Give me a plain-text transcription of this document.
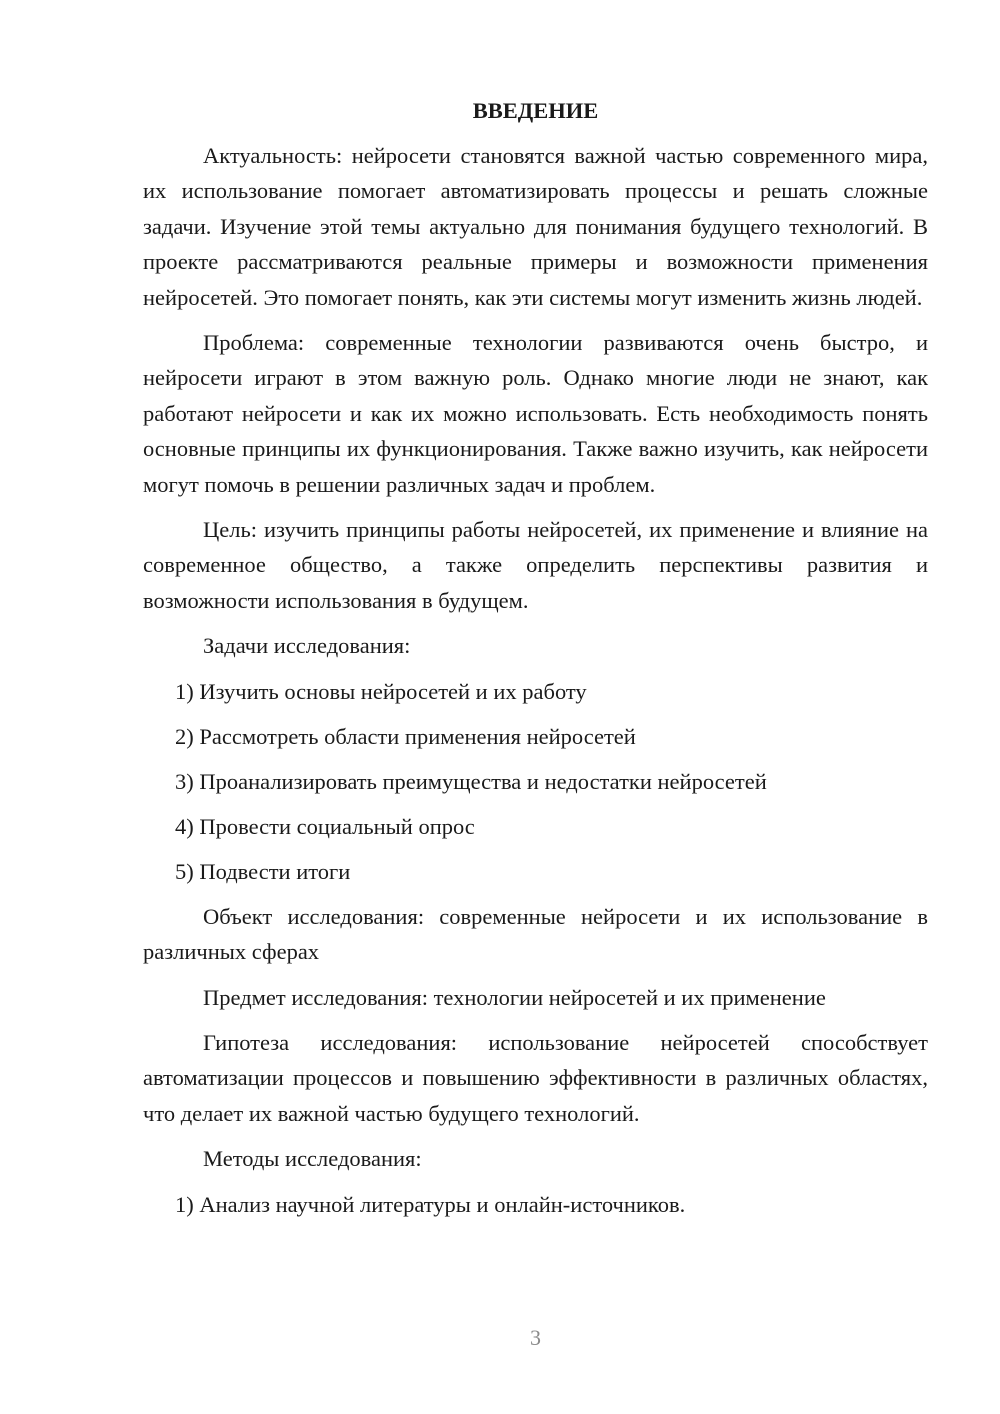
ВВЕДЕНИЕ

Актуальность: нейросети становятся важной частью современного мира, их использование помогает автоматизировать процессы и решать сложные задачи. Изучение этой темы актуально для понимания будущего технологий. В проекте рассматриваются реальные примеры и возможности применения нейросетей. Это помогает понять, как эти системы могут изменить жизнь людей.

Проблема: современные технологии развиваются очень быстро, и нейросети играют в этом важную роль. Однако многие люди не знают, как работают нейросети и как их можно использовать. Есть необходимость понять основные принципы их функционирования. Также важно изучить, как нейросети могут помочь в решении различных задач и проблем.

Цель: изучить принципы работы нейросетей, их применение и влияние на современное общество, а также определить перспективы развития и возможности использования в будущем.

Задачи исследования:

1) Изучить основы нейросетей и их работу
2) Рассмотреть области применения нейросетей
3) Проанализировать преимущества и недостатки нейросетей
4) Провести социальный опрос
5) Подвести итоги

Объект исследования: современные нейросети и их использование в различных сферах

Предмет исследования: технологии нейросетей и их применение

Гипотеза исследования: использование нейросетей способствует автоматизации процессов и повышению эффективности в различных областях, что делает их важной частью будущего технологий.

Методы исследования:

1) Анализ научной литературы и онлайн-источников.
3
